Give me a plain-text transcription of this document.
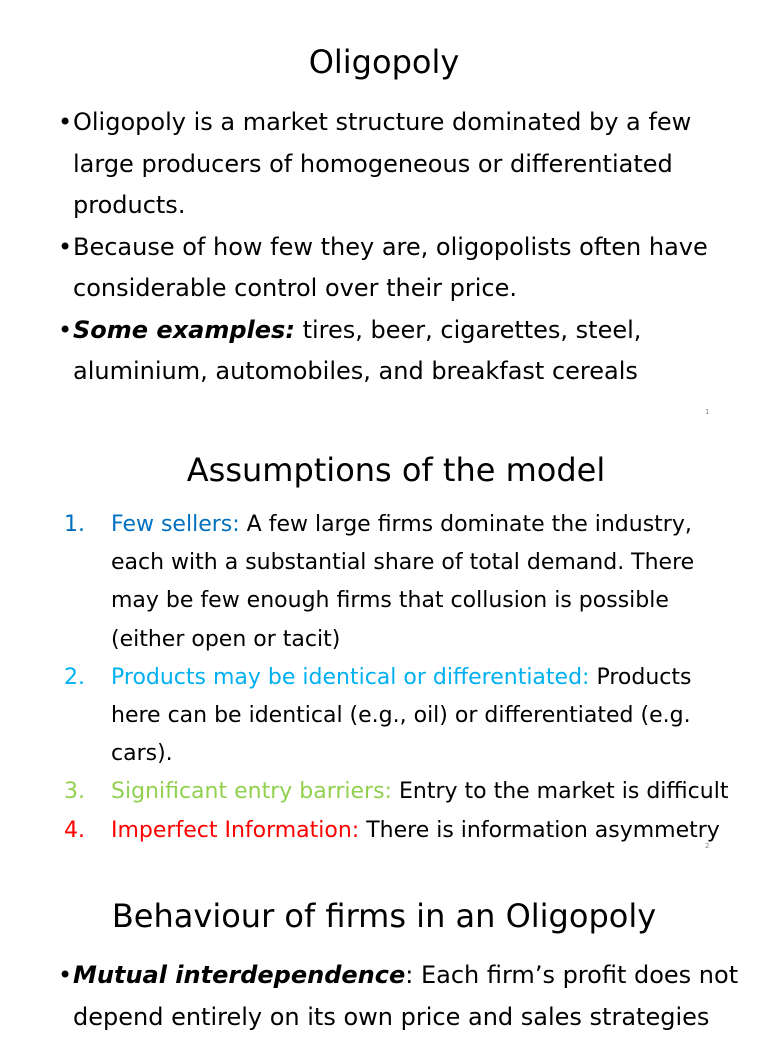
Oligopoly
• Oligopoly is a market structure dominated by a few large producers of homogeneous or differentiated products.
• Because of how few they are, oligopolists often have considerable control over their price.
• Some examples: tires, beer, cigarettes, steel, aluminium, automobiles, and breakfast cereals
1
Assumptions of the model
1. Few sellers: A few large firms dominate the industry, each with a substantial share of total demand. There may be few enough firms that collusion is possible (either open or tacit)
2. Products may be identical or differentiated: Products here can be identical (e.g., oil) or differentiated (e.g. cars).
3. Significant entry barriers: Entry to the market is difficult
4. Imperfect Information: There is information asymmetry
2
Behaviour of firms in an Oligopoly
• Mutual interdependence: Each firm’s profit does not depend entirely on its own price and sales strategies
